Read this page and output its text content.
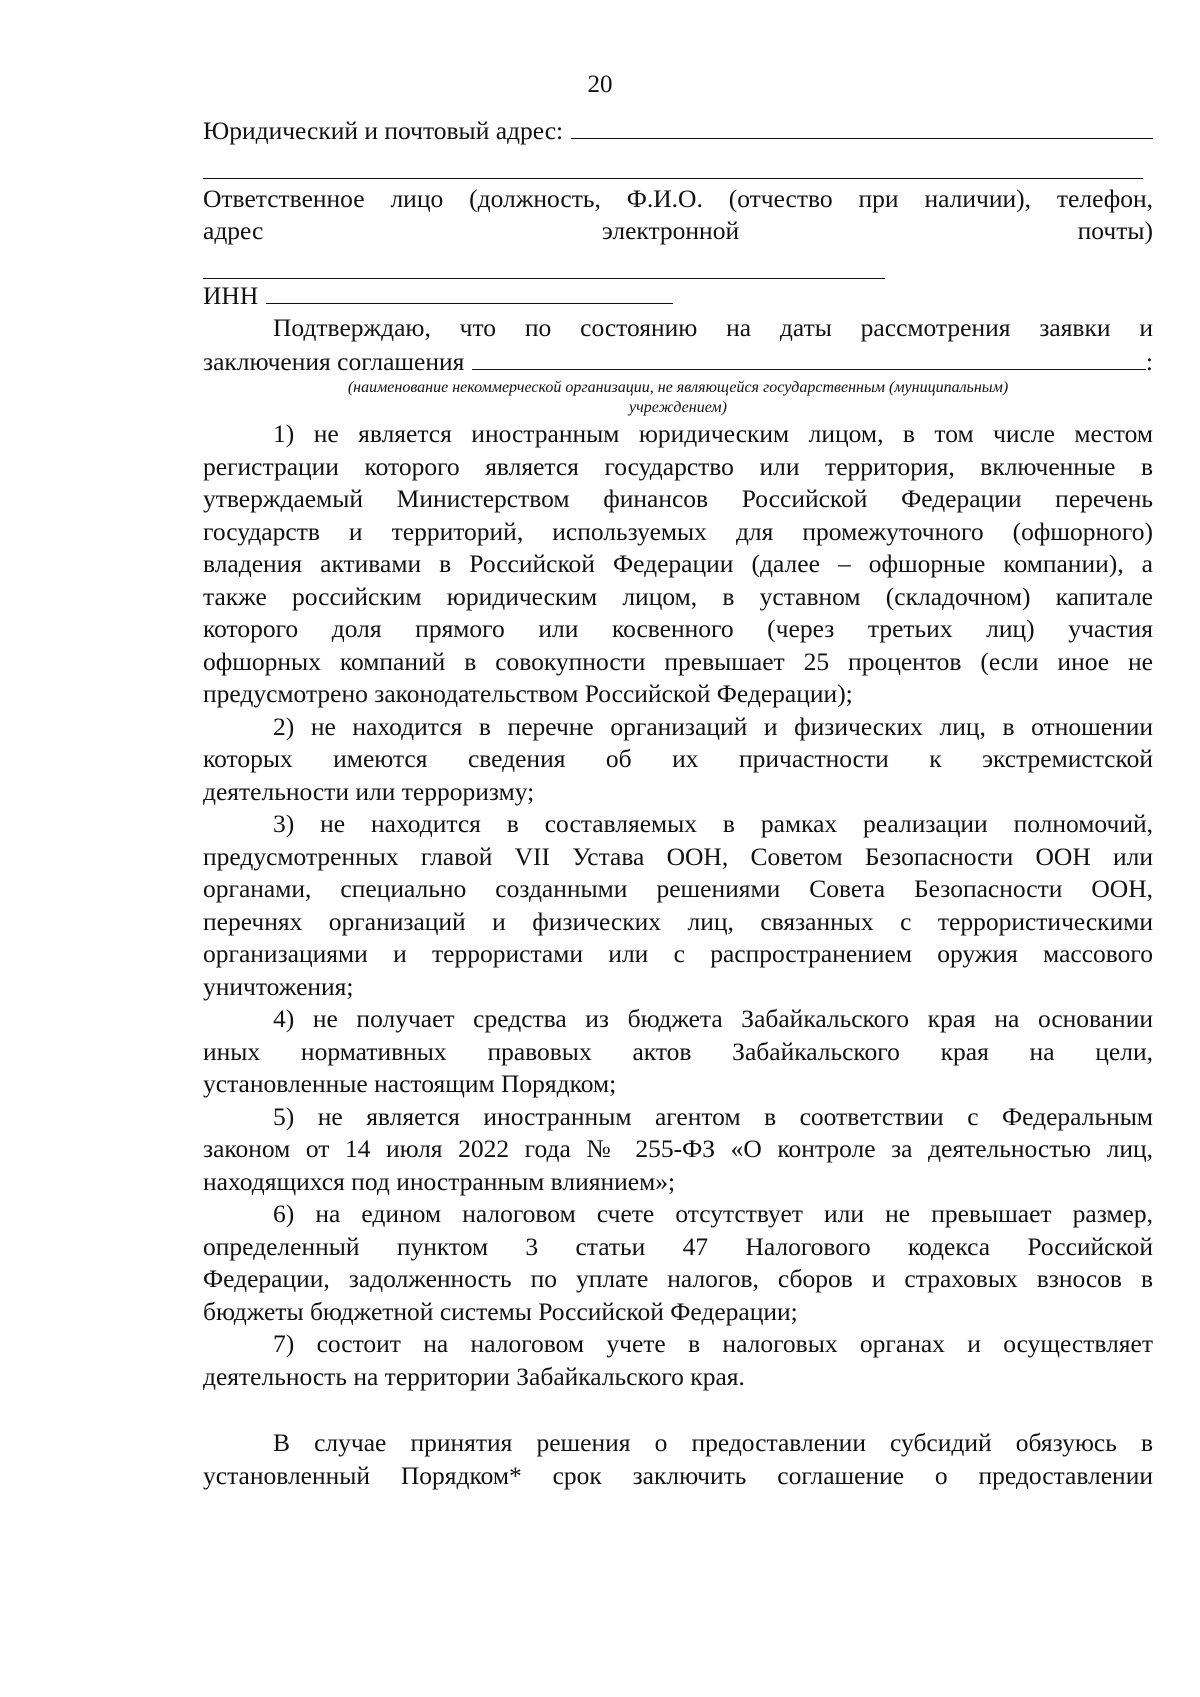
20
Юридический и почтовый адрес:
Ответственное лицо (должность, Ф.И.О. (отчество при наличии), телефон,
адрес электронной почты)
ИНН
Подтверждаю, что по состоянию на даты рассмотрения заявки и
заключения соглашения	:
(наименование некоммерческой организации, не являющейся государственным (муниципальным)
учреждением)
1) не является иностранным юридическим лицом, в том числе местом
регистрации которого является государство или территория, включенные в
утверждаемый Министерством финансов Российской Федерации перечень
государств и территорий, используемых для промежуточного (офшорного)
владения активами в Российской Федерации (далее – офшорные компании), а
также российским юридическим лицом, в уставном (складочном) капитале
которого доля прямого или косвенного (через третьих лиц) участия
офшорных компаний в совокупности превышает 25 процентов (если иное не
предусмотрено законодательством Российской Федерации);
2) не находится в перечне организаций и физических лиц, в отношении
которых имеются сведения об их причастности к экстремистской
деятельности или терроризму;
3) не находится в составляемых в рамках реализации полномочий,
предусмотренных главой VII Устава ООН, Советом Безопасности ООН или
органами, специально созданными решениями Совета Безопасности ООН,
перечнях организаций и физических лиц, связанных с террористическими
организациями и террористами или с распространением оружия массового
уничтожения;
4) не получает средства из бюджета Забайкальского края на основании
иных нормативных правовых актов Забайкальского края на цели,
установленные настоящим Порядком;
5) не является иностранным агентом в соответствии с Федеральным
законом от 14 июля 2022 года № 255-ФЗ «О контроле за деятельностью лиц,
находящихся под иностранным влиянием»;
6) на едином налоговом счете отсутствует или не превышает размер,
определенный пунктом 3 статьи 47 Налогового кодекса Российской
Федерации, задолженность по уплате налогов, сборов и страховых взносов в
бюджеты бюджетной системы Российской Федерации;
7) состоит на налоговом учете в налоговых органах и осуществляет
деятельность на территории Забайкальского края.
В случае принятия решения о предоставлении субсидий обязуюсь в
установленный Порядком* срок заключить соглашение о предоставлении
